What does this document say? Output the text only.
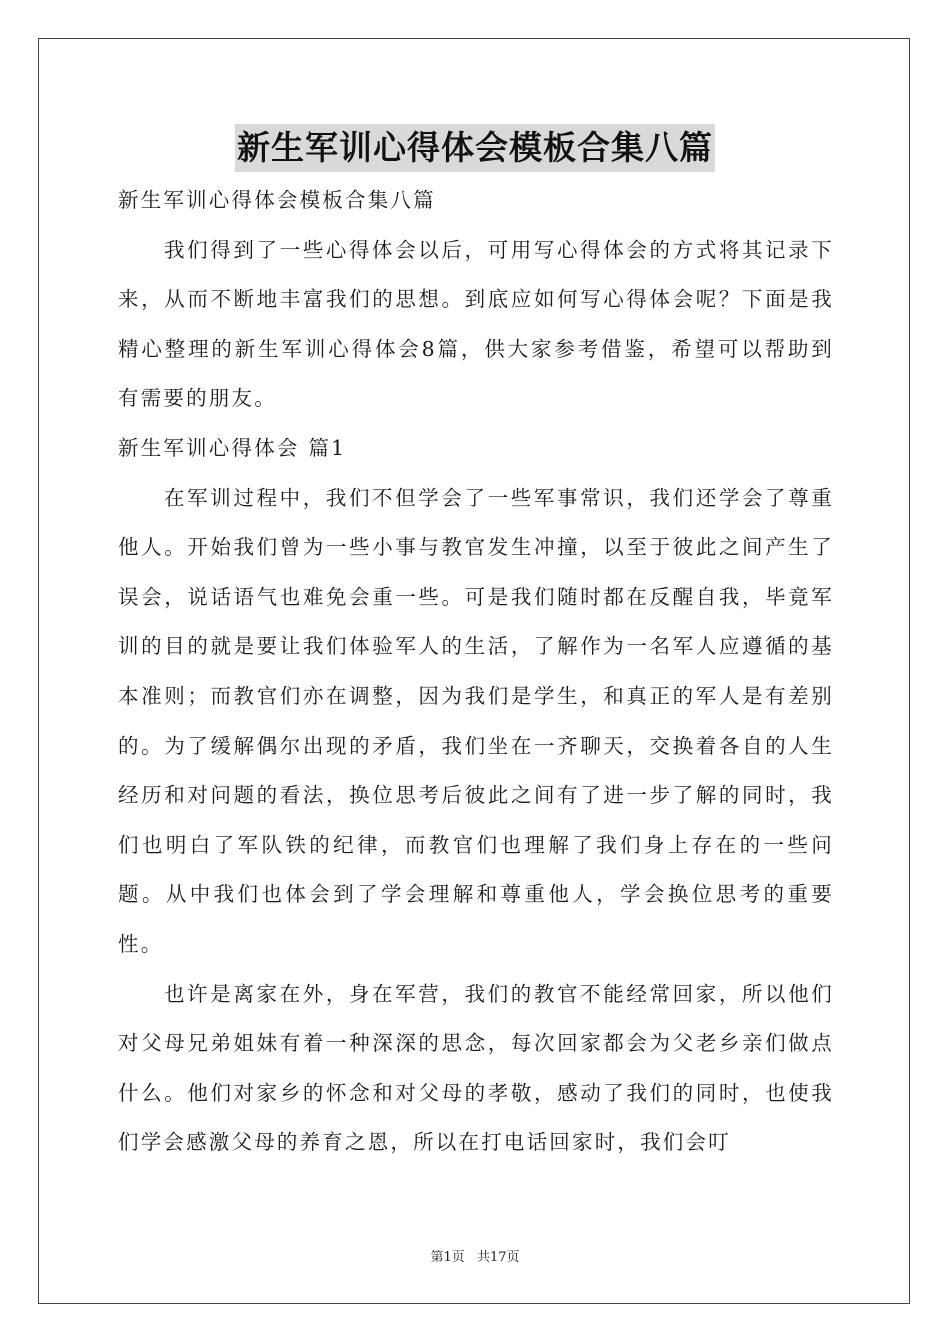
新生军训心得体会模板合集八篇

新生军训心得体会模板合集八篇

我们得到了一些心得体会以后，可用写心得体会的方式将其记录下来，从而不断地丰富我们的思想。到底应如何写心得体会呢？下面是我精心整理的新生军训心得体会8篇，供大家参考借鉴，希望可以帮助到有需要的朋友。

新生军训心得体会 篇1

在军训过程中，我们不但学会了一些军事常识，我们还学会了尊重他人。开始我们曾为一些小事与教官发生冲撞，以至于彼此之间产生了误会，说话语气也难免会重一些。可是我们随时都在反醒自我，毕竟军训的目的就是要让我们体验军人的生活，了解作为一名军人应遵循的基本准则；而教官们亦在调整，因为我们是学生，和真正的军人是有差别的。为了缓解偶尔出现的矛盾，我们坐在一齐聊天，交换着各自的人生经历和对问题的看法，换位思考后彼此之间有了进一步了解的同时，我们也明白了军队铁的纪律，而教官们也理解了我们身上存在的一些问题。从中我们也体会到了学会理解和尊重他人，学会换位思考的重要性。

也许是离家在外，身在军营，我们的教官不能经常回家，所以他们对父母兄弟姐妹有着一种深深的思念，每次回家都会为父老乡亲们做点什么。他们对家乡的怀念和对父母的孝敬，感动了我们的同时，也使我们学会感激父母的养育之恩，所以在打电话回家时，我们会叮

第1页 共17页
